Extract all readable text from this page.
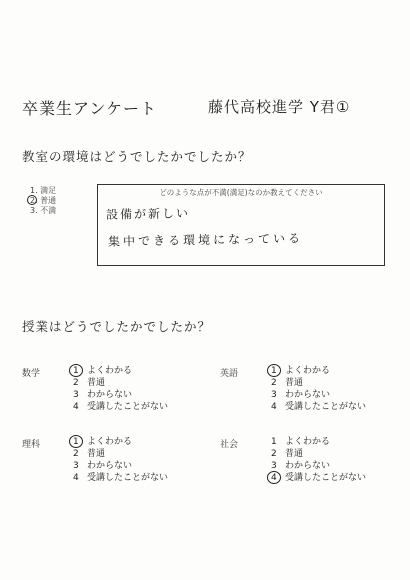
卒業生アンケート	藤代高校進学 Y君①
教室の環境はどうでしたかでしたか？
1. 満足
2. 普通
3. 不満
どのような点が不満(満足)なのか教えてください
設備が新しい
集中できる環境になっている
授業はどうでしたかでしたか？
数学	1 よくわかる
2 普通
3 わからない
4 受講したことがない
英語	1 よくわかる
2 普通
3 わからない
4 受講したことがない
理科	1 よくわかる
2 普通
3 わからない
4 受講したことがない
社会	1 よくわかる
2 普通
3 わからない
4 受講したことがない
